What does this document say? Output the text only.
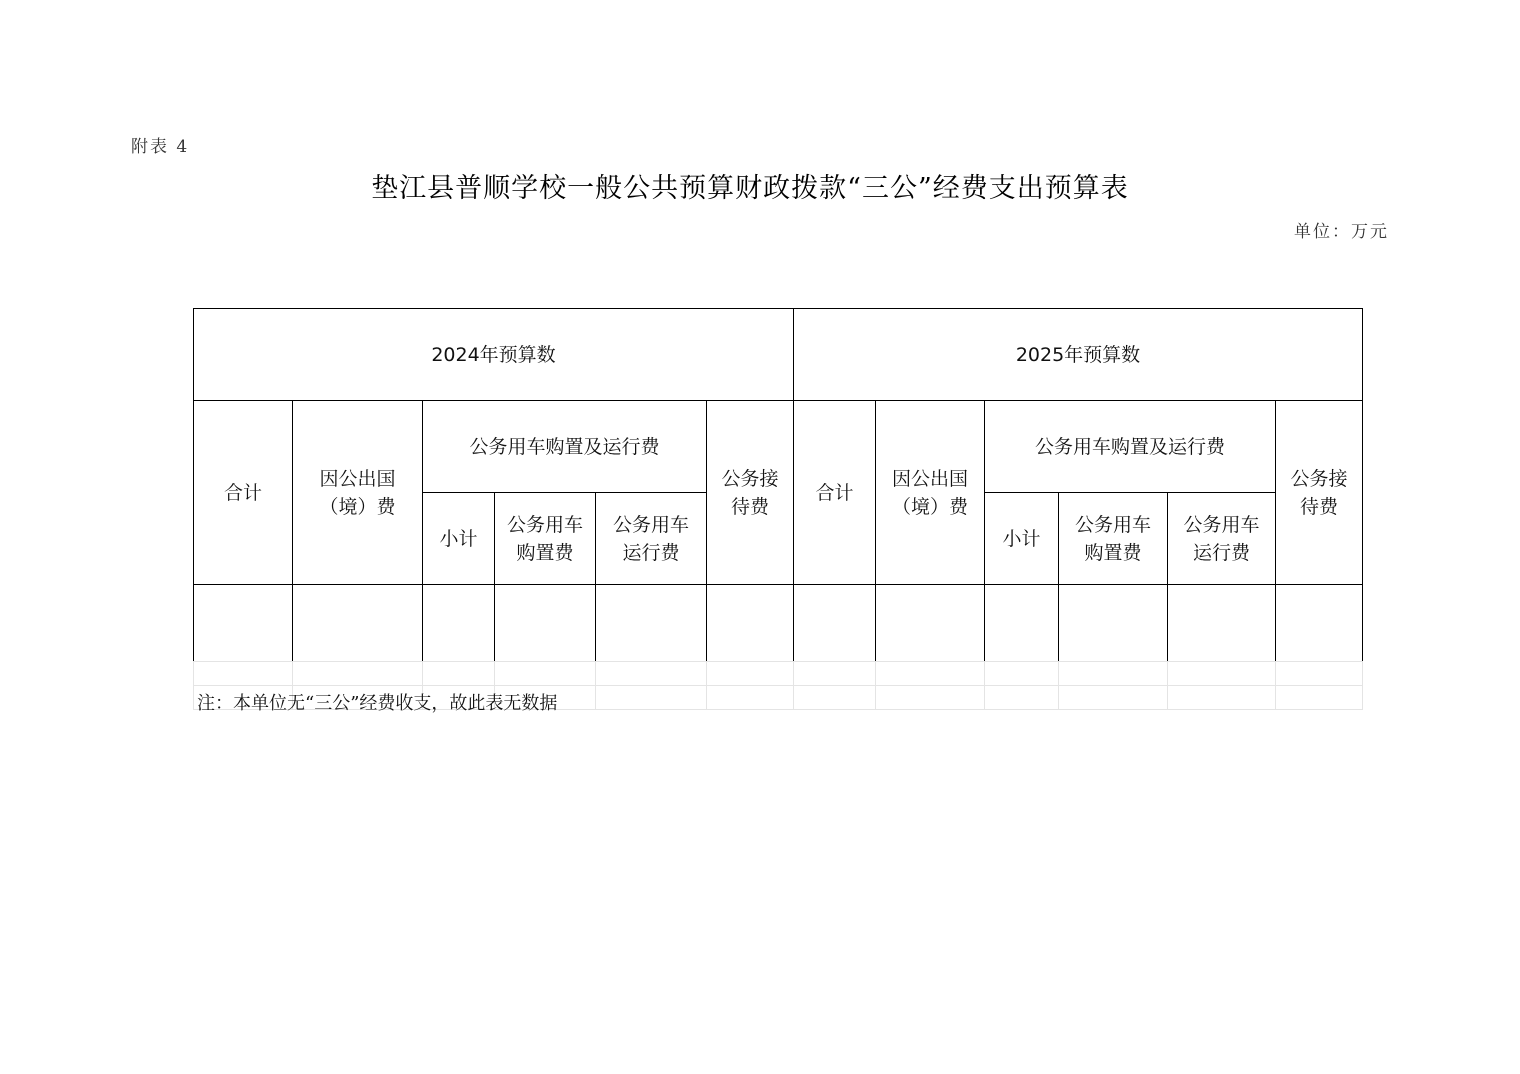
附表 4
垫江县普顺学校一般公共预算财政拨款“三公”经费支出预算表
单位：万元
2024年预算数						2025年预算数					
合计	因公出国（境）费	公务用车购置及运行费			公务接待费	合计	因公出国（境）费	公务用车购置及运行费			公务接待费
		小计	公务用车购置费	公务用车运行费				小计	公务用车购置费	公务用车运行费	

注：本单位无“三公”经费收支，故此表无数据
